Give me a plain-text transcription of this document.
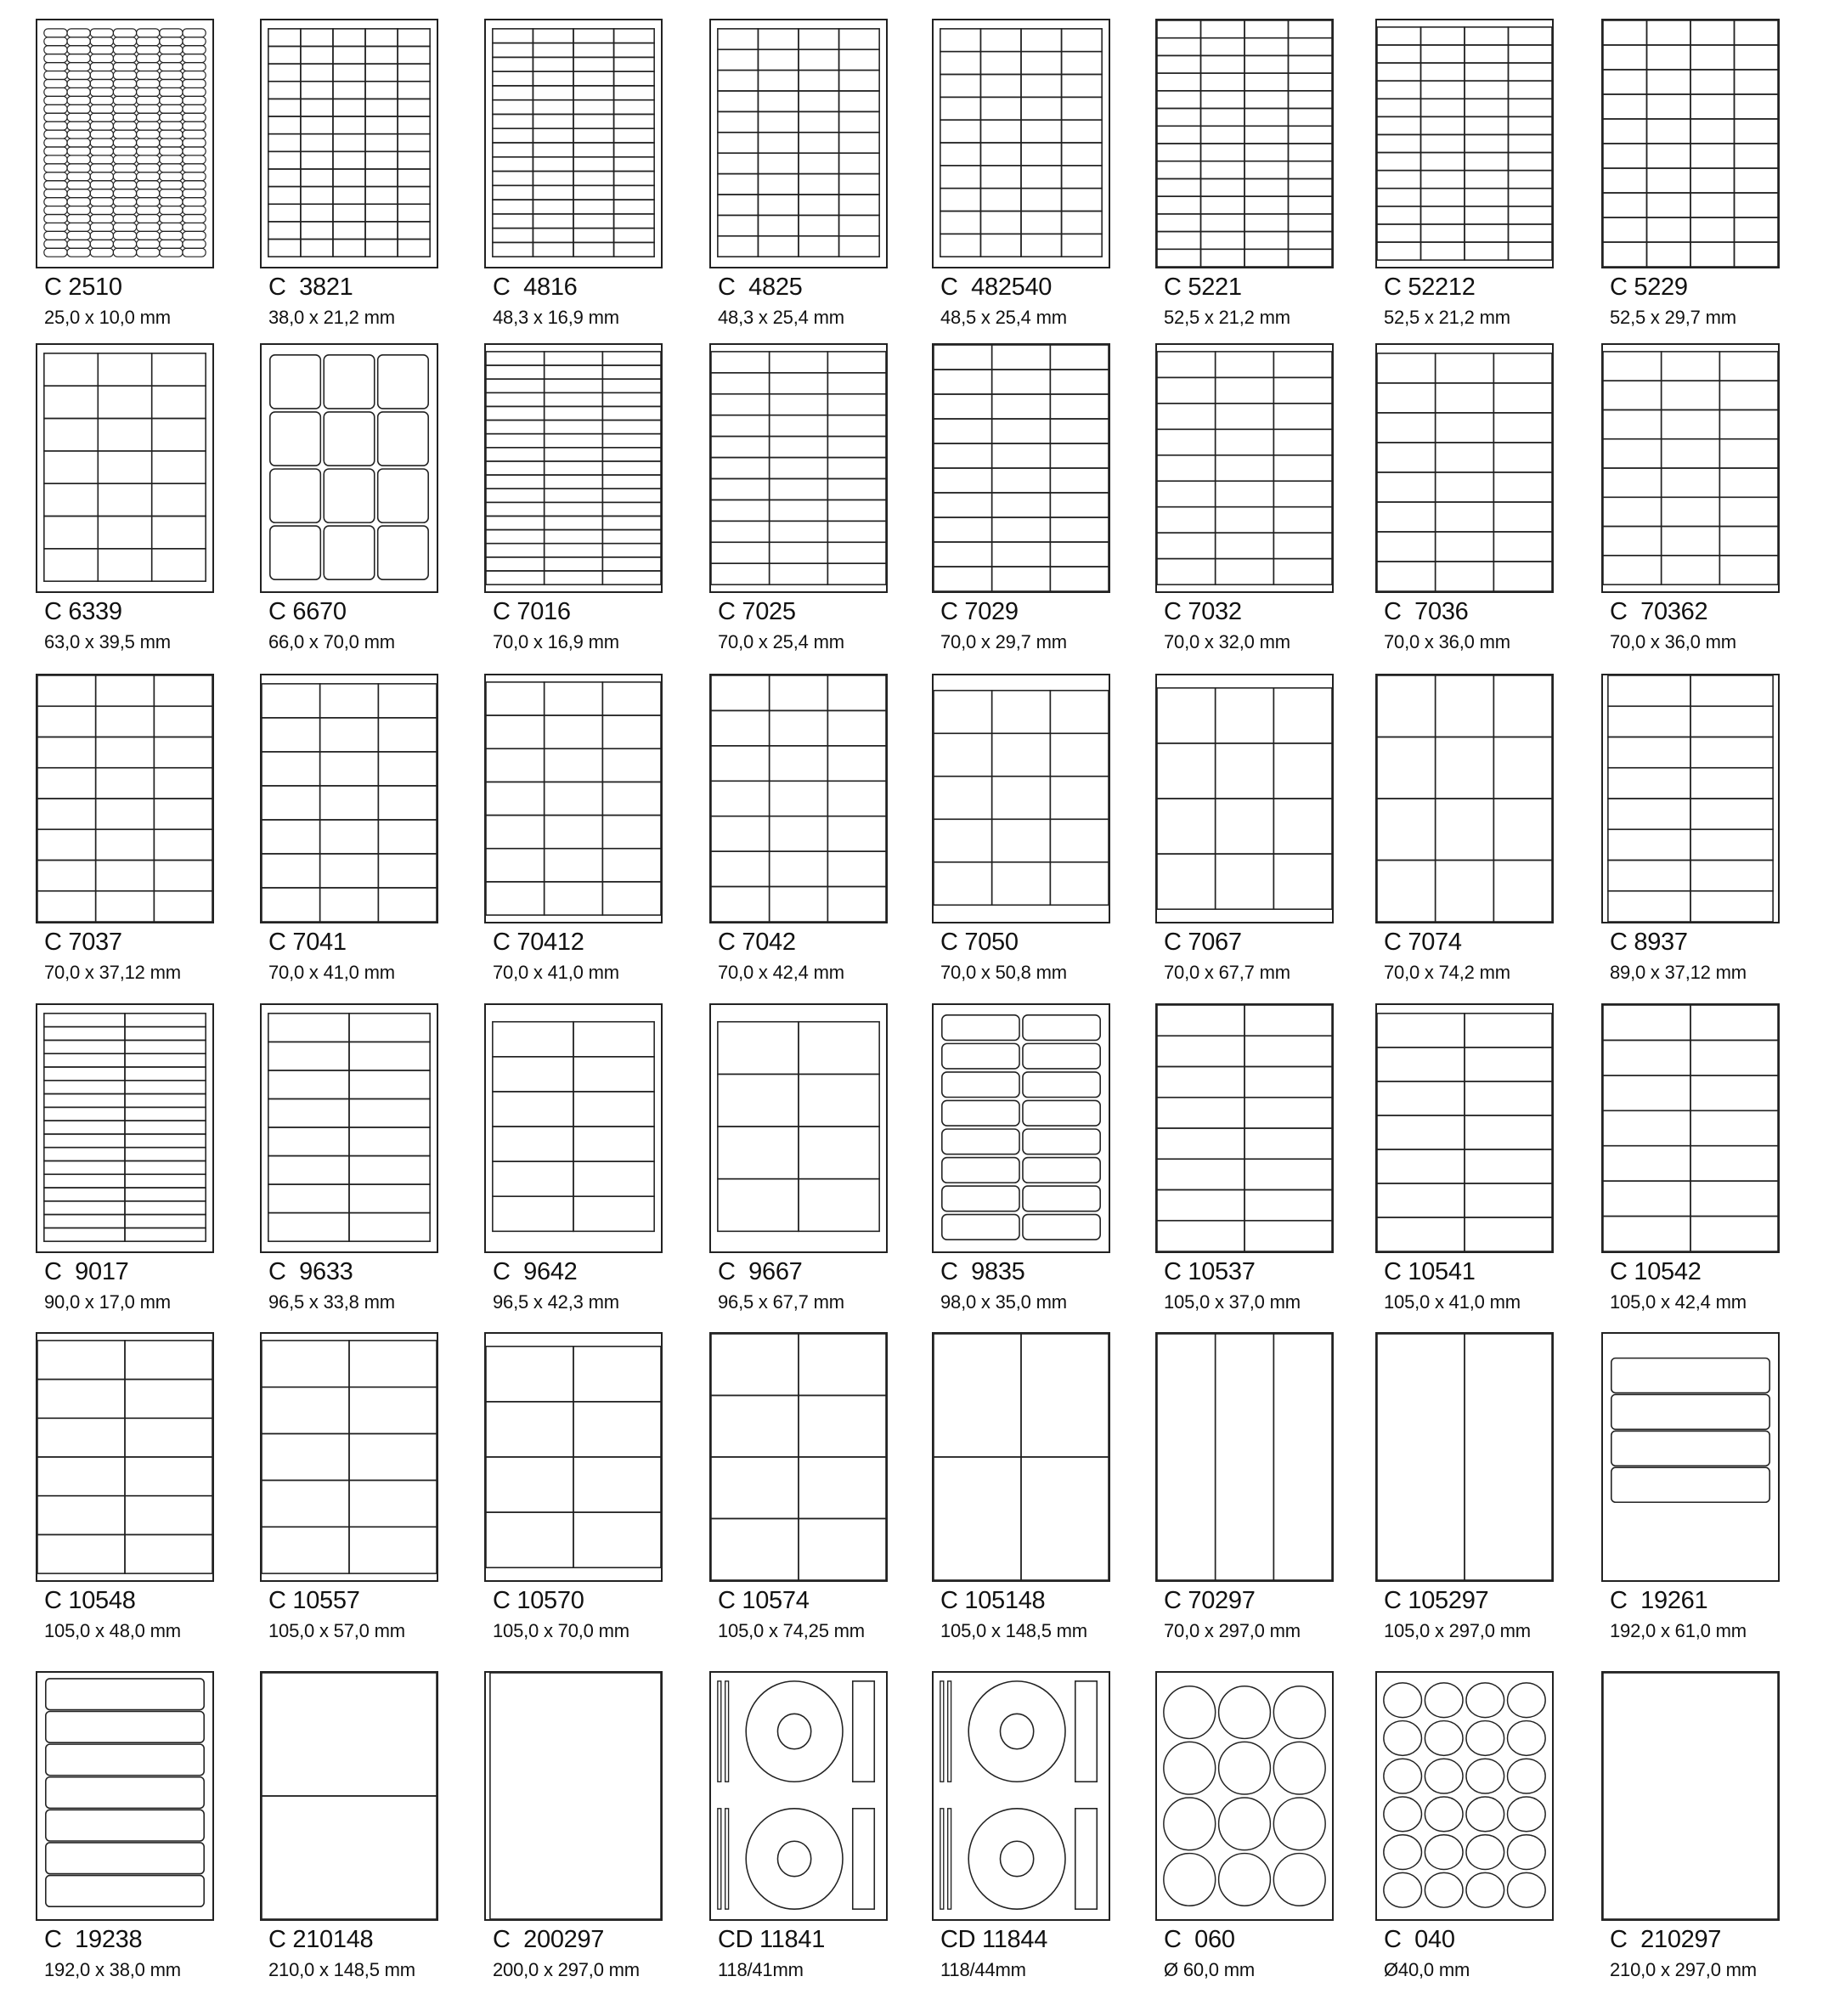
C 2510
25,0 x 10,0 mm
C  3821
38,0 x 21,2 mm
C  4816
48,3 x 16,9 mm
C  4825
48,3 x 25,4 mm
C  482540
48,5 x 25,4 mm
C 5221
52,5 x 21,2 mm
C 52212
52,5 x 21,2 mm
C 5229
52,5 x 29,7 mm
C 6339
63,0 x 39,5 mm
C 6670
66,0 x 70,0 mm
C 7016
70,0 x 16,9 mm
C 7025
70,0 x 25,4 mm
C 7029
70,0 x 29,7 mm
C 7032
70,0 x 32,0 mm
C  7036
70,0 x 36,0 mm
C  70362
70,0 x 36,0 mm
C 7037
70,0 x 37,12 mm
C 7041
70,0 x 41,0 mm
C 70412
70,0 x 41,0 mm
C 7042
70,0 x 42,4 mm
C 7050
70,0 x 50,8 mm
C 7067
70,0 x 67,7 mm
C 7074
70,0 x 74,2 mm
C 8937
89,0 x 37,12 mm
C  9017
90,0 x 17,0 mm
C  9633
96,5 x 33,8 mm
C  9642
96,5 x 42,3 mm
C  9667
96,5 x 67,7 mm
C  9835
98,0 x 35,0 mm
C 10537
105,0 x 37,0 mm
C 10541
105,0 x 41,0 mm
C 10542
105,0 x 42,4 mm
C 10548
105,0 x 48,0 mm
C 10557
105,0 x 57,0 mm
C 10570
105,0 x 70,0 mm
C 10574
105,0 x 74,25 mm
C 105148
105,0 x 148,5 mm
C 70297
70,0 x 297,0 mm
C 105297
105,0 x 297,0 mm
C  19261
192,0 x 61,0 mm
C  19238
192,0 x 38,0 mm
C 210148
210,0 x 148,5 mm
C  200297
200,0 x 297,0 mm
CD 11841
118/41mm
CD 11844
118/44mm
C  060
Ø 60,0 mm
C  040
Ø40,0 mm
C  210297
210,0 x 297,0 mm
